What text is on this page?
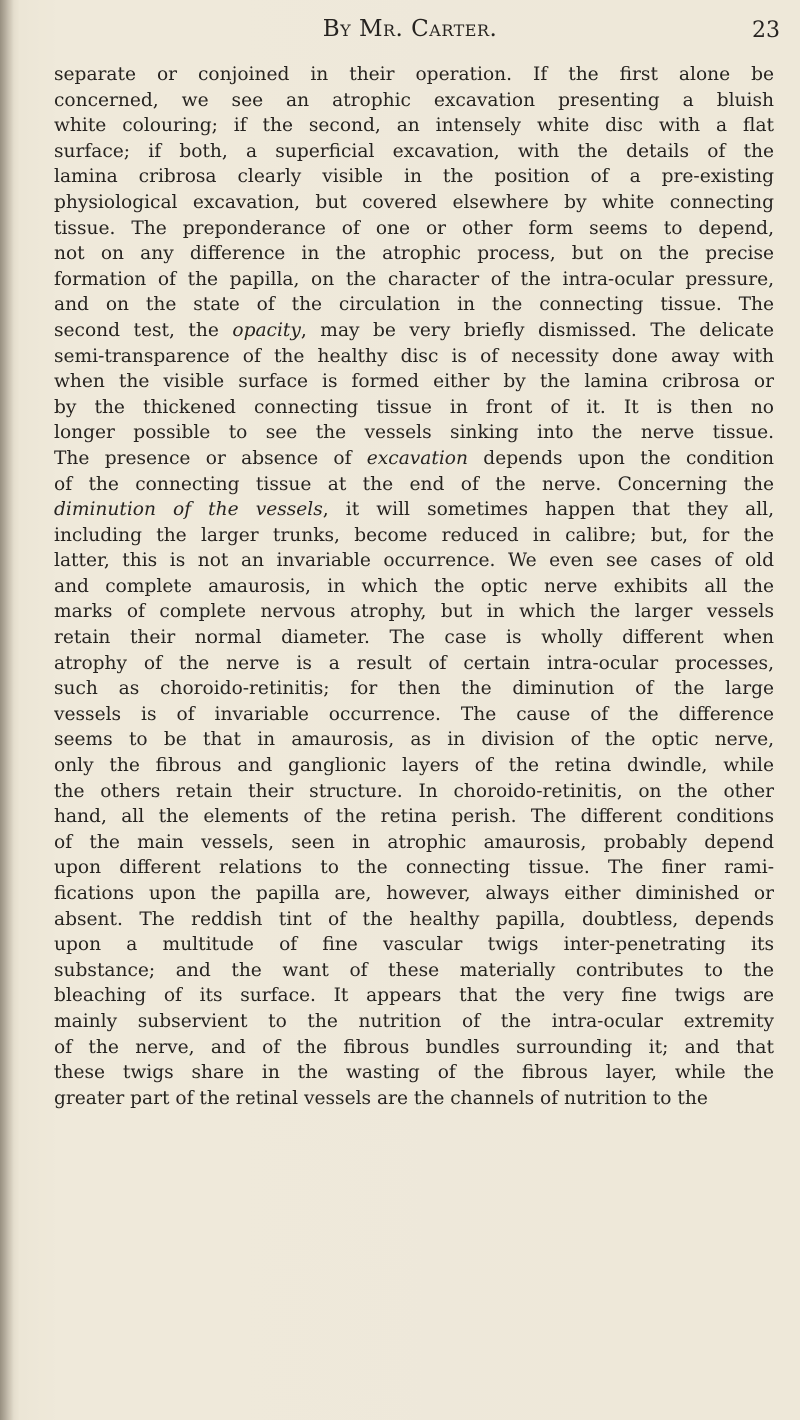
By Mr. Carter.	23
separate or conjoined in their operation. If the first alone be
concerned, we see an atrophic excavation presenting a bluish
white colouring; if the second, an intensely white disc with a flat
surface; if both, a superficial excavation, with the details of the
lamina cribrosa clearly visible in the position of a pre-existing
physiological excavation, but covered elsewhere by white connecting
tissue. The preponderance of one or other form seems to depend,
not on any difference in the atrophic process, but on the precise
formation of the papilla, on the character of the intra-ocular pressure,
and on the state of the circulation in the connecting tissue. The
second test, the opacity, may be very briefly dismissed. The delicate
semi-transparence of the healthy disc is of necessity done away with
when the visible surface is formed either by the lamina cribrosa or
by the thickened connecting tissue in front of it. It is then no
longer possible to see the vessels sinking into the nerve tissue.
The presence or absence of excavation depends upon the condition
of the connecting tissue at the end of the nerve. Concerning the
diminution of the vessels, it will sometimes happen that they all,
including the larger trunks, become reduced in calibre; but, for the
latter, this is not an invariable occurrence. We even see cases of old
and complete amaurosis, in which the optic nerve exhibits all the
marks of complete nervous atrophy, but in which the larger vessels
retain their normal diameter. The case is wholly different when
atrophy of the nerve is a result of certain intra-ocular processes,
such as choroido-retinitis; for then the diminution of the large
vessels is of invariable occurrence. The cause of the difference
seems to be that in amaurosis, as in division of the optic nerve,
only the fibrous and ganglionic layers of the retina dwindle, while
the others retain their structure. In choroido-retinitis, on the other
hand, all the elements of the retina perish. The different conditions
of the main vessels, seen in atrophic amaurosis, probably depend
upon different relations to the connecting tissue. The finer rami-
fications upon the papilla are, however, always either diminished or
absent. The reddish tint of the healthy papilla, doubtless, depends
upon a multitude of fine vascular twigs inter-penetrating its
substance; and the want of these materially contributes to the
bleaching of its surface. It appears that the very fine twigs are
mainly subservient to the nutrition of the intra-ocular extremity
of the nerve, and of the fibrous bundles surrounding it; and that
these twigs share in the wasting of the fibrous layer, while the
greater part of the retinal vessels are the channels of nutrition to the
